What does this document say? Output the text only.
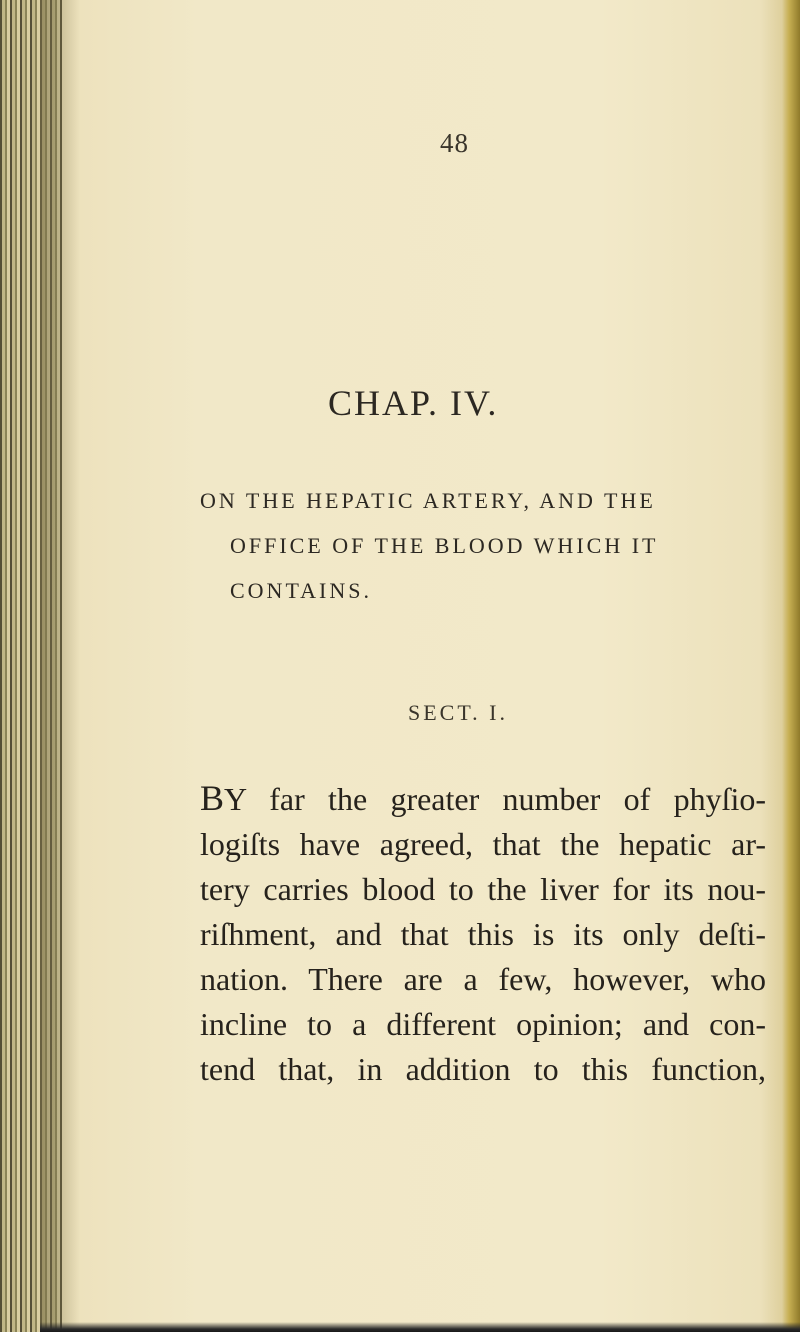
48
CHAP. IV.
ON THE HEPATIC ARTERY, AND THE
OFFICE OF THE BLOOD WHICH IT
CONTAINS.
SECT. I.
BY far the greater number of phyſio-
logiſts have agreed, that the hepatic ar-
tery carries blood to the liver for its nou-
riſhment, and that this is its only deſti-
nation. There are a few, however, who
incline to a different opinion; and con-
tend that, in addition to this function,
